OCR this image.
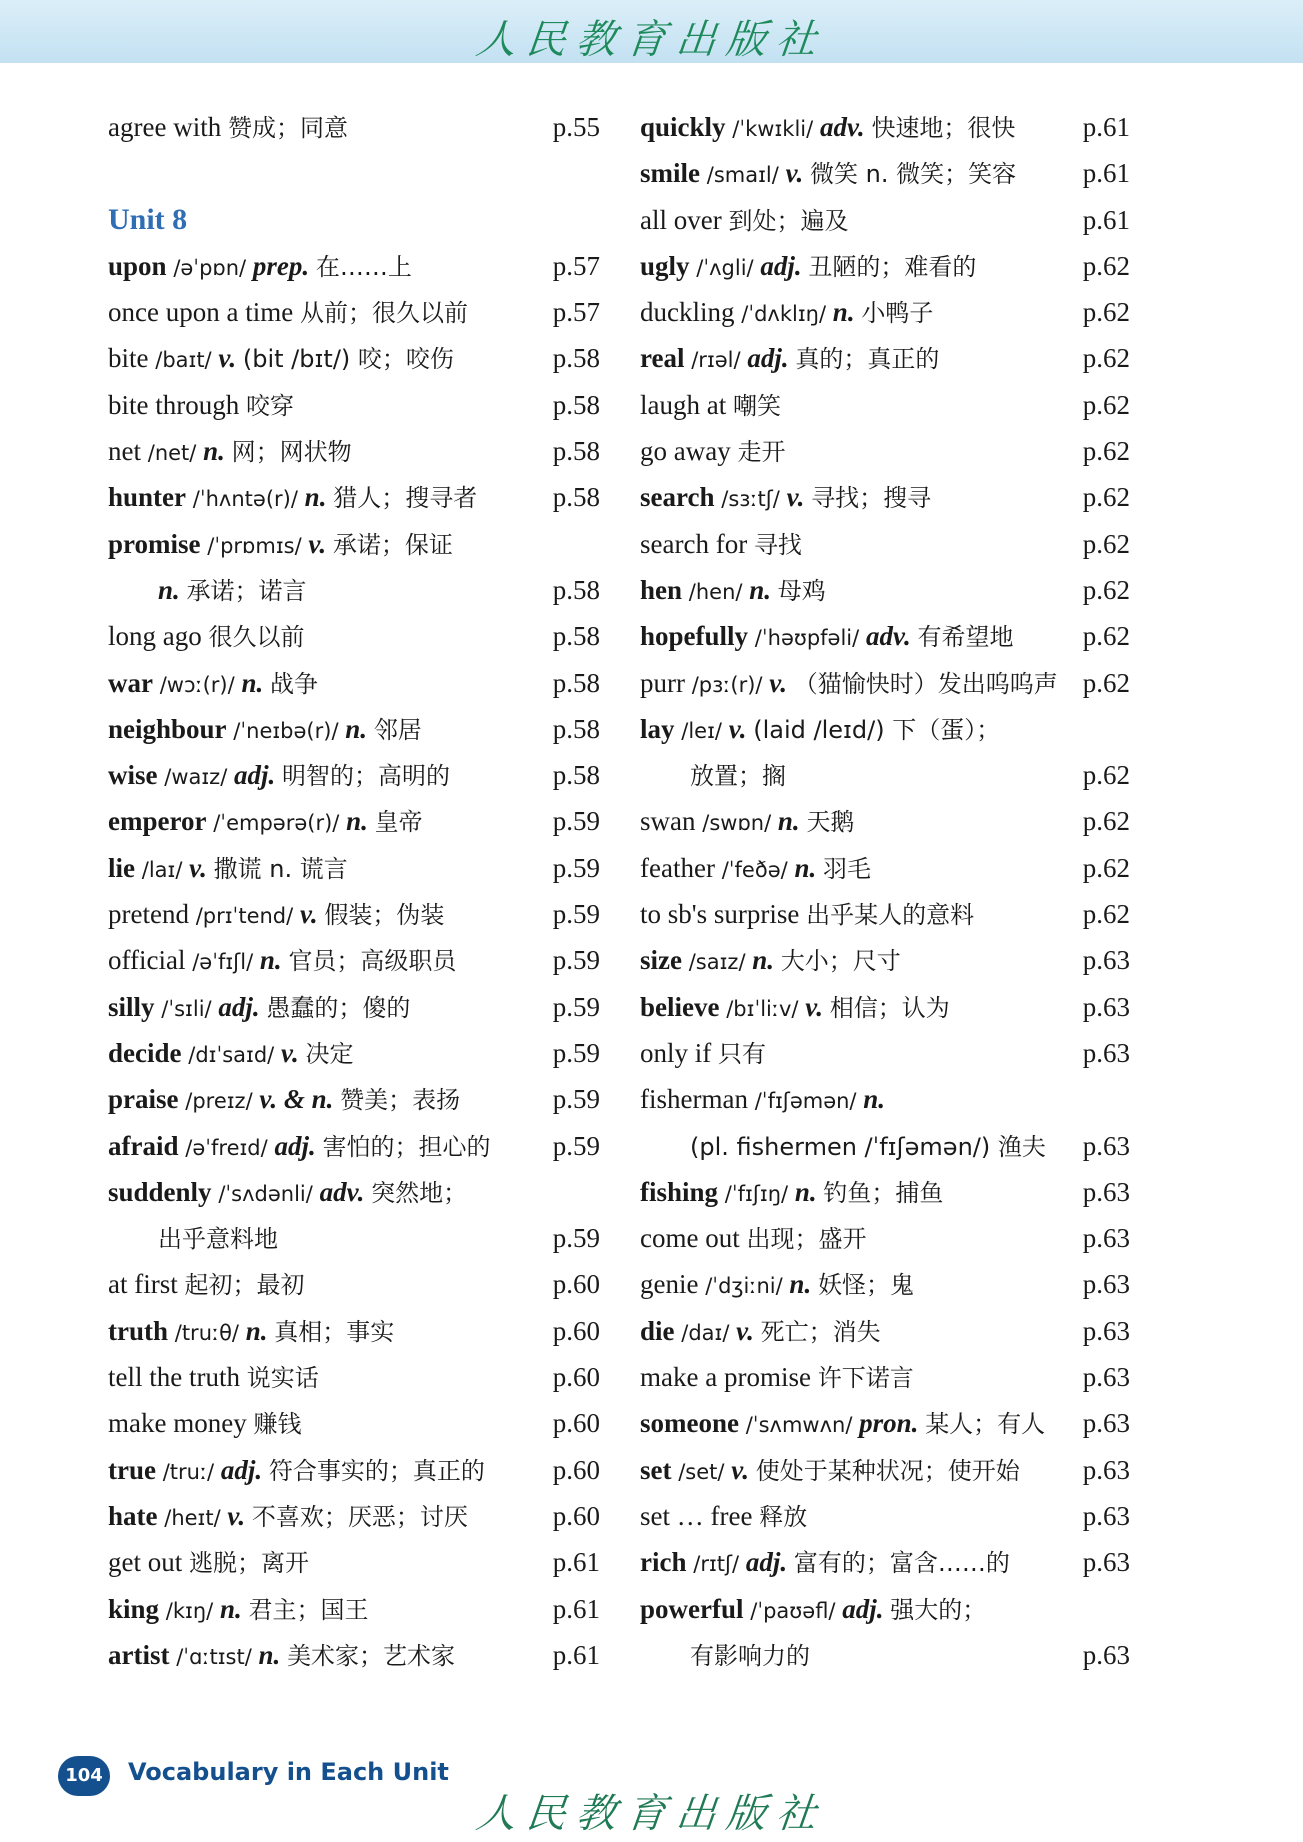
人民教育出版社
agree with 赞成；同意	p.55
Unit 8
upon /əˈpɒn/ prep. 在……上	p.57
once upon a time 从前；很久以前	p.57
bite /baɪt/ v. (bit /bɪt/) 咬；咬伤	p.58
bite through 咬穿	p.58
net /net/ n. 网；网状物	p.58
hunter /ˈhʌntə(r)/ n. 猎人；搜寻者	p.58
promise /ˈprɒmɪs/ v. 承诺；保证
n. 承诺；诺言	p.58
long ago 很久以前	p.58
war /wɔː(r)/ n. 战争	p.58
neighbour /ˈneɪbə(r)/ n. 邻居	p.58
wise /waɪz/ adj. 明智的；高明的	p.58
emperor /ˈempərə(r)/ n. 皇帝	p.59
lie /laɪ/ v. 撒谎 n. 谎言	p.59
pretend /prɪˈtend/ v. 假装；伪装	p.59
official /əˈfɪʃl/ n. 官员；高级职员	p.59
silly /ˈsɪli/ adj. 愚蠢的；傻的	p.59
decide /dɪˈsaɪd/ v. 决定	p.59
praise /preɪz/ v. & n. 赞美；表扬	p.59
afraid /əˈfreɪd/ adj. 害怕的；担心的 p.59
suddenly /ˈsʌdənli/ adv. 突然地；
出乎意料地	p.59
at first 起初；最初	p.60
truth /truːθ/ n. 真相；事实	p.60
tell the truth 说实话	p.60
make money 赚钱	p.60
true /truː/ adj. 符合事实的；真正的	p.60
hate /heɪt/ v. 不喜欢；厌恶；讨厌	p.60
get out 逃脱；离开	p.61
king /kɪŋ/ n. 君主；国王	p.61
artist /ˈɑːtɪst/ n. 美术家；艺术家	p.61
quickly /ˈkwɪkli/ adv. 快速地；很快 p.61
smile /smaɪl/ v. 微笑 n. 微笑；笑容 p.61
all over 到处；遍及	p.61
ugly /ˈʌgli/ adj. 丑陋的；难看的	p.62
duckling /ˈdʌklɪŋ/ n. 小鸭子	p.62
real /rɪəl/ adj. 真的；真正的	p.62
laugh at 嘲笑	p.62
go away 走开	p.62
search /sɜːtʃ/ v. 寻找；搜寻	p.62
search for 寻找	p.62
hen /hen/ n. 母鸡	p.62
hopefully /ˈhəʊpfəli/ adv. 有希望地	p.62
purr /pɜː(r)/ v. （猫愉快时）发出呜呜声 p.62
lay /leɪ/ v. (laid /leɪd/) 下（蛋）；
放置；搁	p.62
swan /swɒn/ n. 天鹅	p.62
feather /ˈfeðə/ n. 羽毛	p.62
to sb's surprise 出乎某人的意料	p.62
size /saɪz/ n. 大小；尺寸	p.63
believe /bɪˈliːv/ v. 相信；认为	p.63
only if 只有	p.63
fisherman /ˈfɪʃəmən/ n.
(pl. fishermen /ˈfɪʃəmən/) 渔夫 p.63
fishing /ˈfɪʃɪŋ/ n. 钓鱼；捕鱼	p.63
come out 出现；盛开	p.63
genie /ˈdʒiːni/ n. 妖怪；鬼	p.63
die /daɪ/ v. 死亡；消失	p.63
make a promise 许下诺言	p.63
someone /ˈsʌmwʌn/ pron. 某人；有人 p.63
set /set/ v. 使处于某种状况；使开始 p.63
set … free 释放	p.63
rich /rɪtʃ/ adj. 富有的；富含……的	p.63
powerful /ˈpaʊəfl/ adj. 强大的；
有影响力的	p.63
104	Vocabulary in Each Unit
人民教育出版社
